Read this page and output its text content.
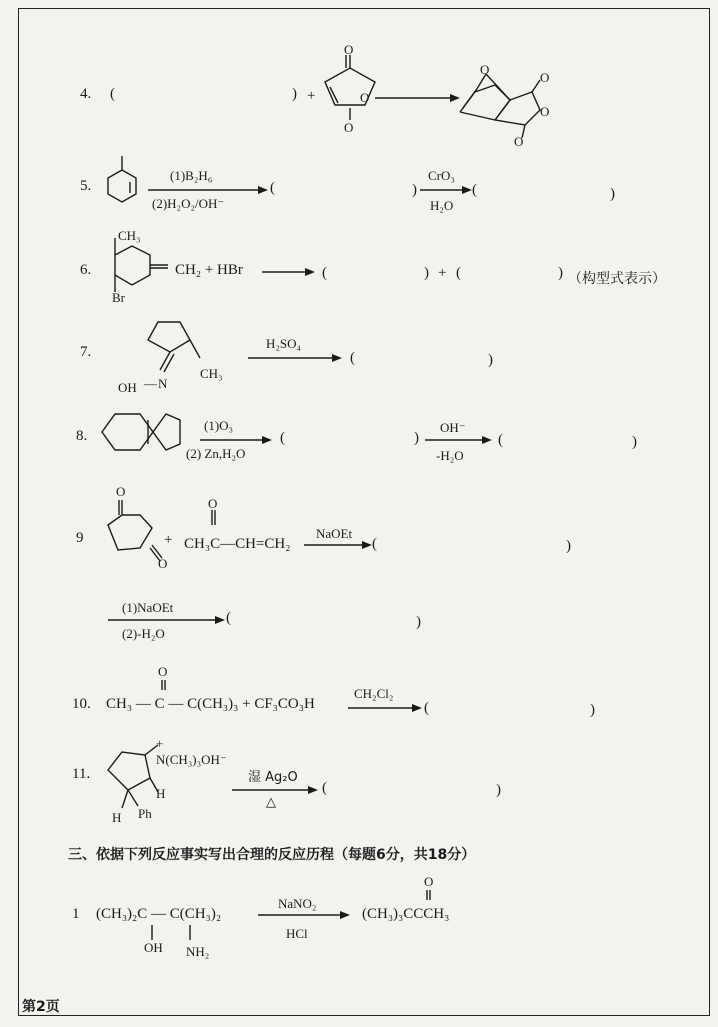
4. (	) +
O
O
O
O
O
O
O
5.
(1)B₂H₆
(2)H₂O₂/OH⁻
(	)
CrO₃
H₂O
(	)
6.
CH₃
Br
CH₂ + HBr	(	) + (	) （构型式表示）
7.
OH — N
CH₃
H₂SO₄
(	)
8.
(1)O₃
(2) Zn,H₂O
(	)
OH⁻
-H₂O
(	)
9
O
O
+
O
CH₃C—CH=CH₂
NaOEt
(	)
(1)NaOEt
(2)-H₂O
(	)
10.
O
CH₃ — C — C(CH₃)₃ + CF₃CO₃H
CH₂Cl₂
(	)
11.
+
N(CH₃)₃OH⁻
H
H Ph
湿 Ag₂O
△
(	)
三、依据下列反应事实写出合理的反应历程（每题6分，共18分）
1 (CH₃)₂C — C(CH₃)₂
OH NH₂
NaNO₂
HCl
O
(CH₃)₃CCCH₃
第2页
